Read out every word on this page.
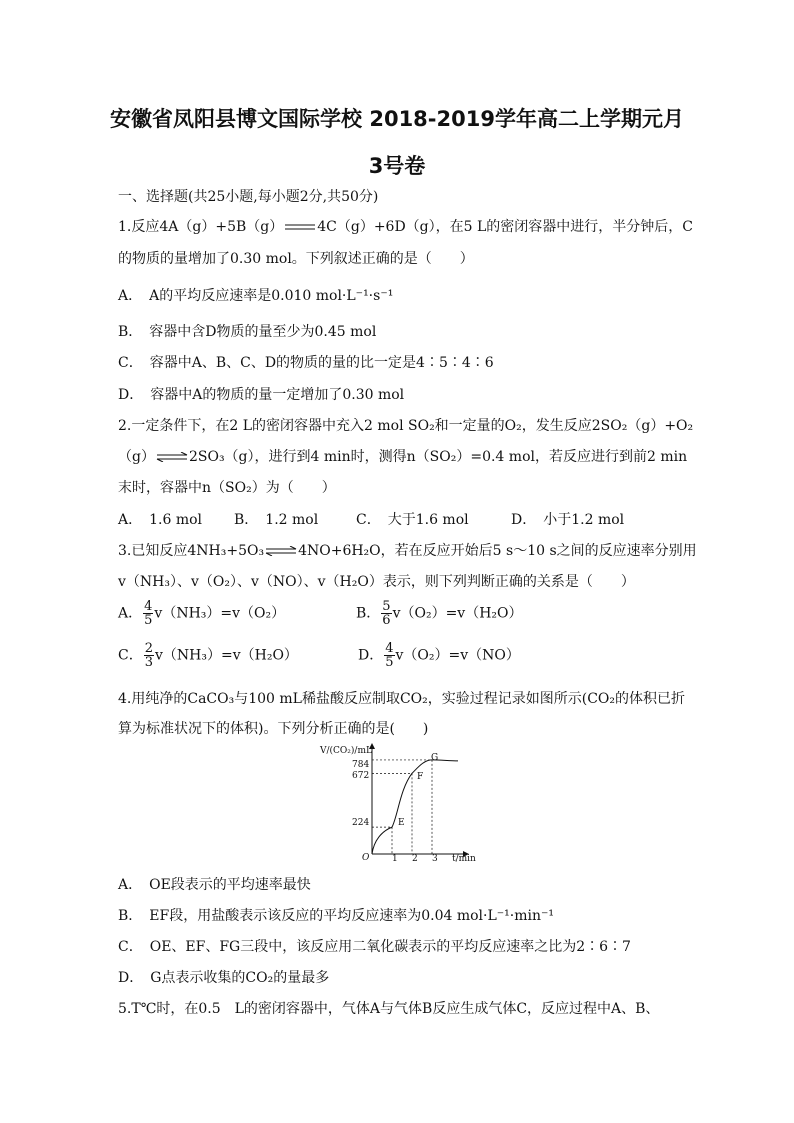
安徽省凤阳县博文国际学校 2018-2019学年高二上学期元月
3号卷
一、选择题(共25小题,每小题2分,共50分)
1.反应4A（g）+5B（g） 4C（g）+6D（g），在5 L的密闭容器中进行，半分钟后，C
的物质的量增加了0.30 mol。下列叙述正确的是（　　）
A．　A的平均反应速率是0.010 mol·L⁻¹·s⁻¹
B．　容器中含D物质的量至少为0.45 mol
C．　容器中A、B、C、D的物质的量的比一定是4∶5∶4∶6
D．　容器中A的物质的量一定增加了0.30 mol
2.一定条件下，在2 L的密闭容器中充入2 mol SO₂和一定量的O₂，发生反应2SO₂（g）+O₂
（g）⇌2SO₃（g），进行到4 min时，测得n（SO₂）=0.4 mol，若反应进行到前2 min
末时，容器中n（SO₂）为（　　）
A．　1.6 mol B．　1.2 mol	C．　大于1.6 mol	D．　小于1.2 mol
3.已知反应4NH₃+5O₃⇌4NO+6H₂O，若在反应开始后5 s～10 s之间的反应速率分别用
v（NH₃）、v（O₂）、v（NO）、v（H₂O）表示，则下列判断正确的关系是（　　）
A． $\frac{4}{5} v(NH_3)=v(O_2)$	B． $\frac{5}{6} v(O_2)=v(H_2O)$
C． $\frac{2}{3} v(NH_3)=v(H_2O)$	D． $\frac{4}{5} v(O_2)=v(NO)$
4.用纯净的CaCO₃与100 mL稀盐酸反应制取CO₂，实验过程记录如图所示(CO₂的体积已折
算为标准状况下的体积)。下列分析正确的是(　　)
V/(CO₂)/mL
t/min
O
784
672
224
1 2 3
E
F
G
A．　OE段表示的平均速率最快
B．　EF段，用盐酸表示该反应的平均反应速率为0.04 mol·L⁻¹·min⁻¹
C．　OE、EF、FG三段中，该反应用二氧化碳表示的平均反应速率之比为2∶6∶7
D．　G点表示收集的CO₂的量最多
5.T℃时，在0.5　L的密闭容器中，气体A与气体B反应生成气体C，反应过程中A、B、
